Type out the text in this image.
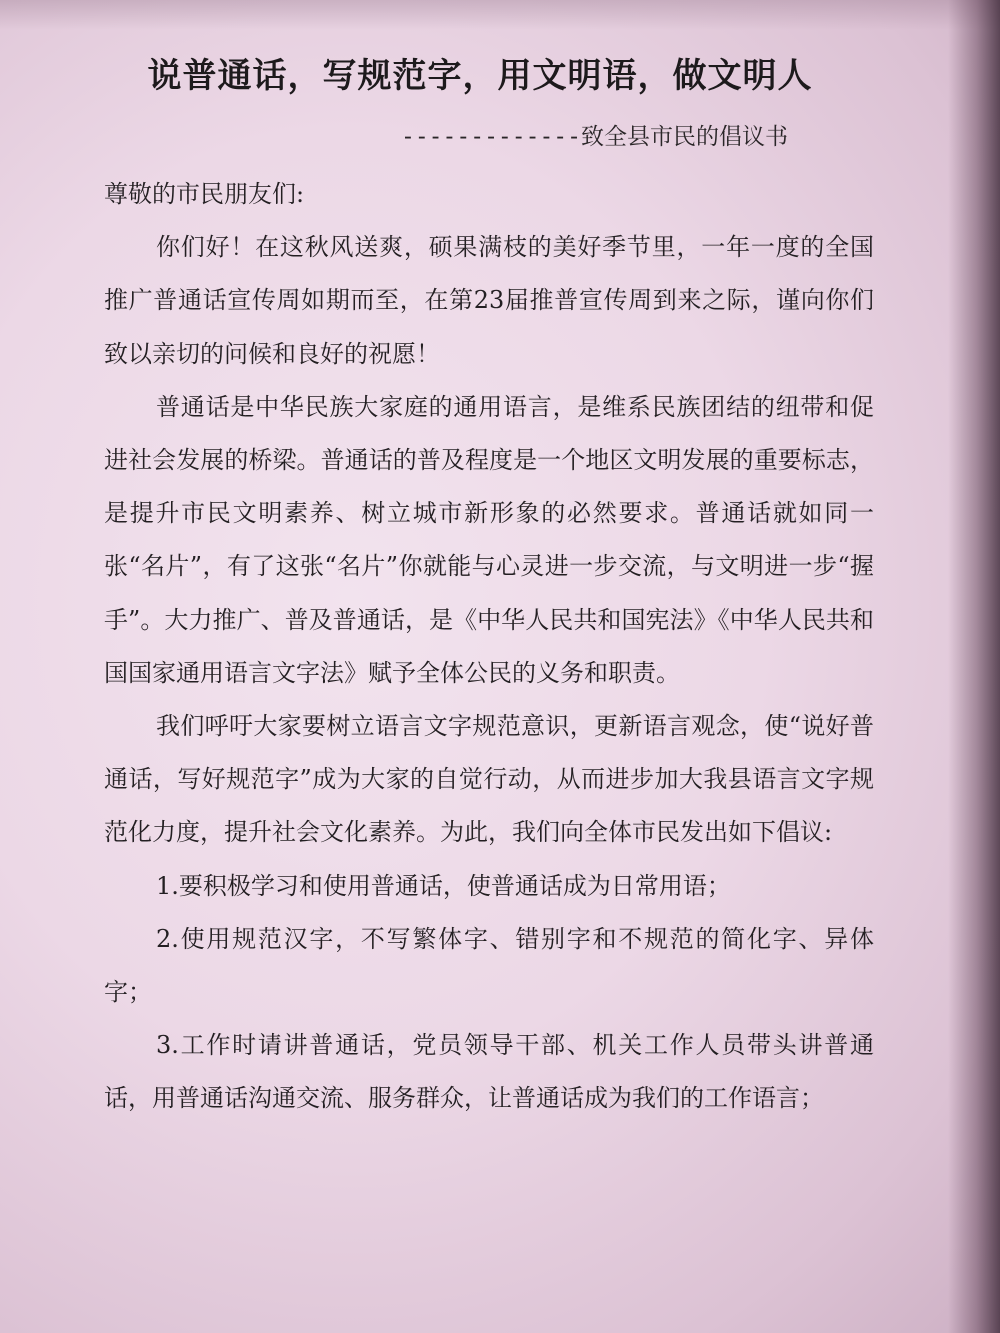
说普通话，写规范字，用文明语，做文明人
-------------致全县市民的倡议书

尊敬的市民朋友们:

你们好！在这秋风送爽，硕果满枝的美好季节里，一年一度的全国推广普通话宣传周如期而至，在第23届推普宣传周到来之际，谨向你们致以亲切的问候和良好的祝愿！

普通话是中华民族大家庭的通用语言，是维系民族团结的纽带和促进社会发展的桥梁。普通话的普及程度是一个地区文明发展的重要标志，是提升市民文明素养、树立城市新形象的必然要求。普通话就如同一张“名片”，有了这张“名片”你就能与心灵进一步交流，与文明进一步“握手”。大力推广、普及普通话，是《中华人民共和国宪法》《中华人民共和国国家通用语言文字法》赋予全体公民的义务和职责。

我们呼吁大家要树立语言文字规范意识，更新语言观念，使“说好普通话，写好规范字”成为大家的自觉行动，从而进步加大我县语言文字规范化力度，提升社会文化素养。为此，我们向全体市民发出如下倡议:

1.要积极学习和使用普通话，使普通话成为日常用语；

2.使用规范汉字，不写繁体字、错别字和不规范的简化字、异体字；

3.工作时请讲普通话，党员领导干部、机关工作人员带头讲普通话，用普通话沟通交流、服务群众，让普通话成为我们的工作语言；
